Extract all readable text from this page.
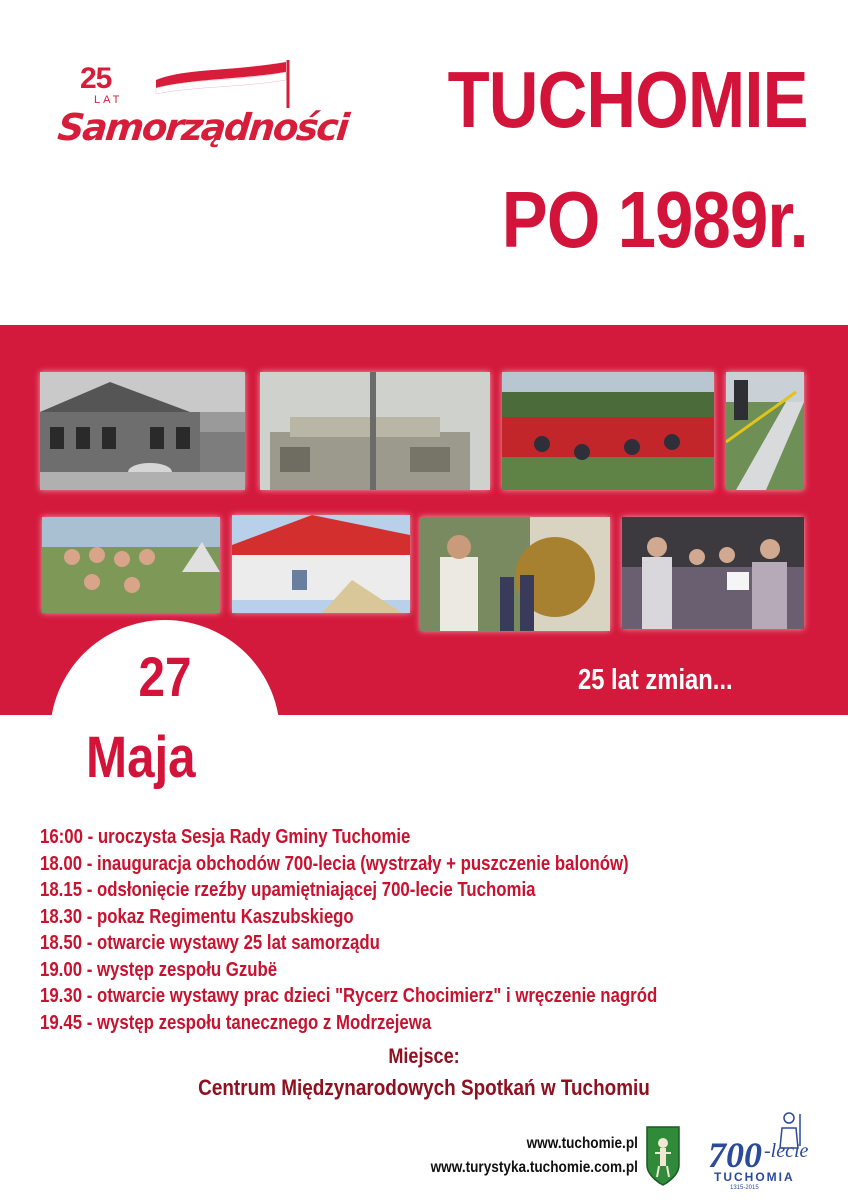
25
LAT
Samorządności TUCHOMIE
PO 1989r.
27
Maja
25 lat zmian...
16:00 - uroczysta Sesja Rady Gminy Tuchomie
18.00 - inauguracja obchodów 700-lecia (wystrzały + puszczenie balonów)
18.15 - odsłonięcie rzeźby upamiętniającej 700-lecie Tuchomia
18.30 - pokaz Regimentu Kaszubskiego
18.50 - otwarcie wystawy 25 lat samorządu
19.00 - występ zespołu Gzubë
19.30 - otwarcie wystawy prac dzieci "Rycerz Chocimierz" i wręczenie nagród
19.45 - występ zespołu tanecznego z Modrzejewa
Miejsce:
Centrum Międzynarodowych Spotkań w Tuchomiu
www.tuchomie.pl
www.turystyka.tuchomie.com.pl 700 -lecie
TUCHOMIA
1315-2015
